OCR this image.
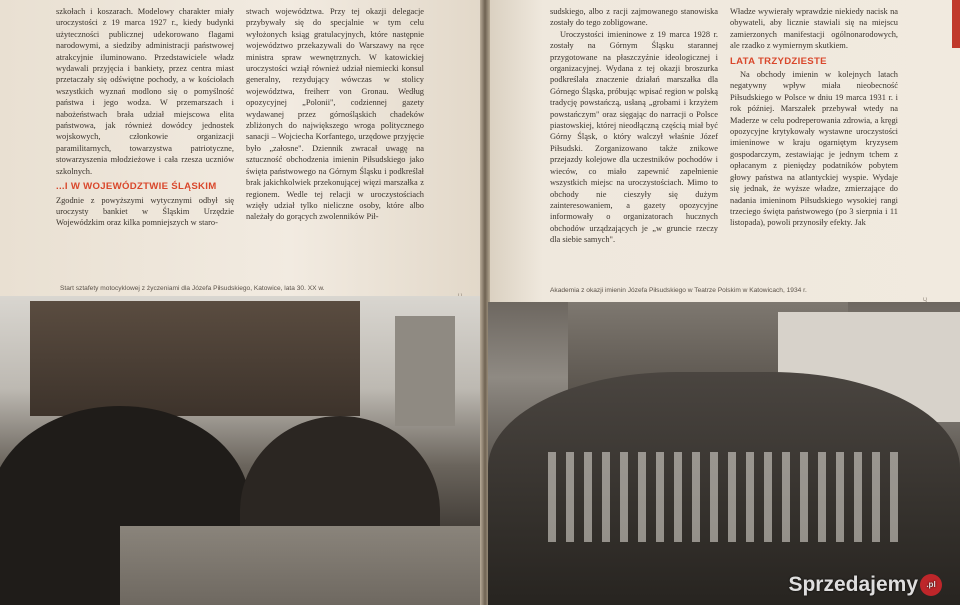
szkołach i koszarach. Modelowy charakter miały uroczystości z 19 marca 1927 r., kiedy budynki użyteczności publicznej udekorowano flagami narodowymi, a siedziby administracji państwowej atrakcyjnie iluminowano. Przedstawiciele władz wydawali przyjęcia i bankiety, przez centra miast przetaczały się odświętne pochody, a w kościołach wszystkich wyznań modlono się o pomyślność państwa i jego wodza. W przemarszach i nabożeństwach brała udział miejscowa elita państwowa, jak również dowódcy jednostek wojskowych, członkowie organizacji paramilitarnych, towarzystwa patriotyczne, stowarzyszenia młodzieżowe i cała rzesza uczniów szkolnych.

...I W WOJEWÓDZTWIE ŚLĄSKIM

Zgodnie z powyższymi wytycznymi odbył się uroczysty bankiet w Śląskim Urzędzie Wojewódzkim oraz kilka pomniejszych w staro-

stwach województwa. Przy tej okazji delegacje przybywały się do specjalnie w tym celu wyłożonych ksiąg gratulacyjnych, które następnie województwo przekazywali do Warszawy na ręce ministra spraw wewnętrznych. W katowickiej uroczystości wziął również udział niemiecki konsul generalny, rezydujący wówczas w stolicy województwa, freiherr von Gronau. Według opozycyjnej „Polonii", codziennej gazety wydawanej przez górnośląskich chadeków zbliżonych do największego wroga politycznego sanacji – Wojciecha Korfantego, urzędowe przyjęcie było „załosne". Dziennik zwracał uwagę na sztuczność obchodzenia imienin Piłsudskiego jako święta państwowego na Górnym Śląsku i podkreślał brak jakichkolwiek przekonującej więzi marszałka z regionem. Wedle tej relacji w uroczystościach wzięły udział tylko nieliczne osoby, które albo należały do gorących zwolenników Pił-

Start sztafety motocyklowej z życzeniami dla Józefa Piłsudskiego, Katowice, lata 30. XX w.

sudskiego, albo z racji zajmowanego stanowiska zostały do tego zobligowane.

Uroczystości imieninowe z 19 marca 1928 r. zostały na Górnym Śląsku starannej przygotowane na płaszczyźnie ideologicznej i organizacyjnej. Wydana z tej okazji broszurka podkreślała znaczenie działań marszałka dla Górnego Śląska, próbując wpisać region w polską tradycję powstańczą, usłaną „grobami i krzyżem powstańczym" oraz sięgając do narracji o Polsce piastowskiej, której nieodłączną częścią miał być Górny Śląsk, o który walczył właśnie Józef Piłsudski. Zorganizowano także znikowe przejazdy kolejowe dla uczestników pochodów i wieców, co miało zapewnić zapełnienie wszystkich miejsc na uroczystościach. Mimo to obchody nie cieszyły się dużym zainteresowaniem, a gazety opozycyjne informowały o organizatorach hucznych obchodów urządzających je „w gruncie rzeczy dla siebie samych".

Władze wywierały wprawdzie niekiedy nacisk na obywateli, aby licznie stawiali się na miejscu zamierzonych manifestacji ogólnonarodowych, ale rzadko z wymiernym skutkiem.

LATA TRZYDZIESTE

Na obchody imienin w kolejnych latach negatywny wpływ miała nieobecność Piłsudskiego w Polsce w dniu 19 marca 1931 r. i rok później. Marszałek przebywał wtedy na Maderze w celu podreperowania zdrowia, a kręgi opozycyjne krytykowały wystawne uroczystości imieninowe w kraju ogarniętym kryzysem gospodarczym, zestawiając je jednym tchem z opłacanym z pieniędzy podatników pobytem głowy państwa na atlantyckiej wyspie. Wydaje się jednak, że wyższe władze, zmierzające do nadania imieninom Piłsudskiego wysokiej rangi trzeciego święta państwowego (po 3 sierpnia i 11 listopada), powoli przynosiły efekty. Jak

Akademia z okazji imienin Józefa Piłsudskiego w Teatrze Polskim w Katowicach, 1934 r.
Sprzedajemy .pl
